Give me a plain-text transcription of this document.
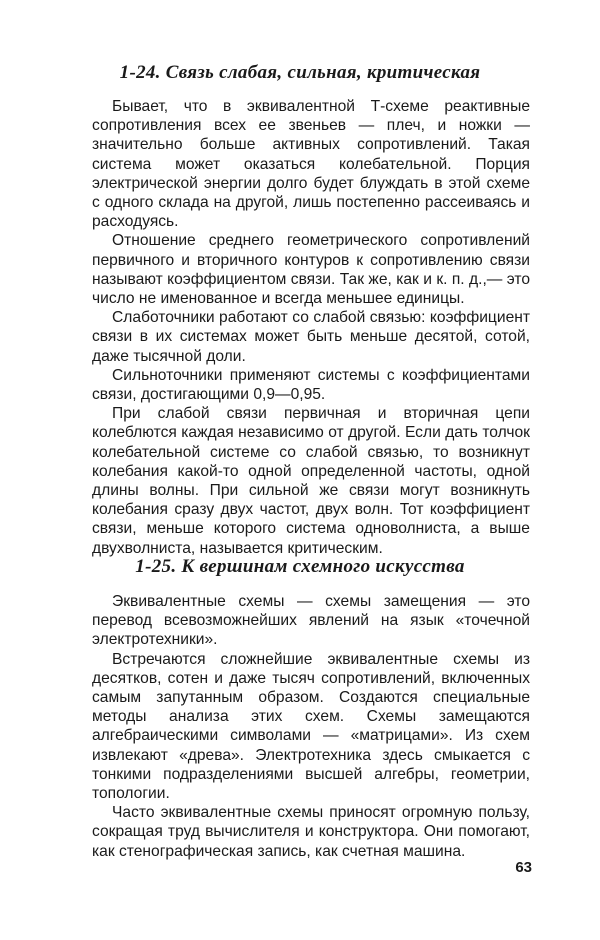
1-24. Связь слабая, сильная, критическая

Бывает, что в эквивалентной Т-схеме реактивные сопротивления всех ее звеньев — плеч, и ножки — значительно больше активных сопротивлений. Такая система может оказаться колебательной. Порция электрической энергии долго будет блуждать в этой схеме с одного склада на другой, лишь постепенно рассеиваясь и расходуясь.

Отношение среднего геометрического сопротивлений первичного и вторичного контуров к сопротивлению связи называют коэффициентом связи. Так же, как и к. п. д.,— это число не именованное и всегда меньшее единицы.

Слаботочники работают со слабой связью: коэффициент связи в их системах может быть меньше десятой, сотой, даже тысячной доли.

Сильноточники применяют системы с коэффициентами связи, достигающими 0,9—0,95.

При слабой связи первичная и вторичная цепи колеблются каждая независимо от другой. Если дать толчок колебательной системе со слабой связью, то возникнут колебания какой-то одной определенной частоты, одной длины волны. При сильной же связи могут возникнуть колебания сразу двух частот, двух волн. Тот коэффициент связи, меньше которого система одноволниста, а выше двухволниста, называется критическим.

1-25. К вершинам схемного искусства

Эквивалентные схемы — схемы замещения — это перевод всевозможнейших явлений на язык «точечной электротехники».

Встречаются сложнейшие эквивалентные схемы из десятков, сотен и даже тысяч сопротивлений, включенных самым запутанным образом. Создаются специальные методы анализа этих схем. Схемы замещаются алгебраическими символами — «матрицами». Из схем извлекают «древа». Электротехника здесь смыкается с тонкими подразделениями высшей алгебры, геометрии, топологии.

Часто эквивалентные схемы приносят огромную пользу, сокращая труд вычислителя и конструктора. Они помогают, как стенографическая запись, как счетная машина.

63
